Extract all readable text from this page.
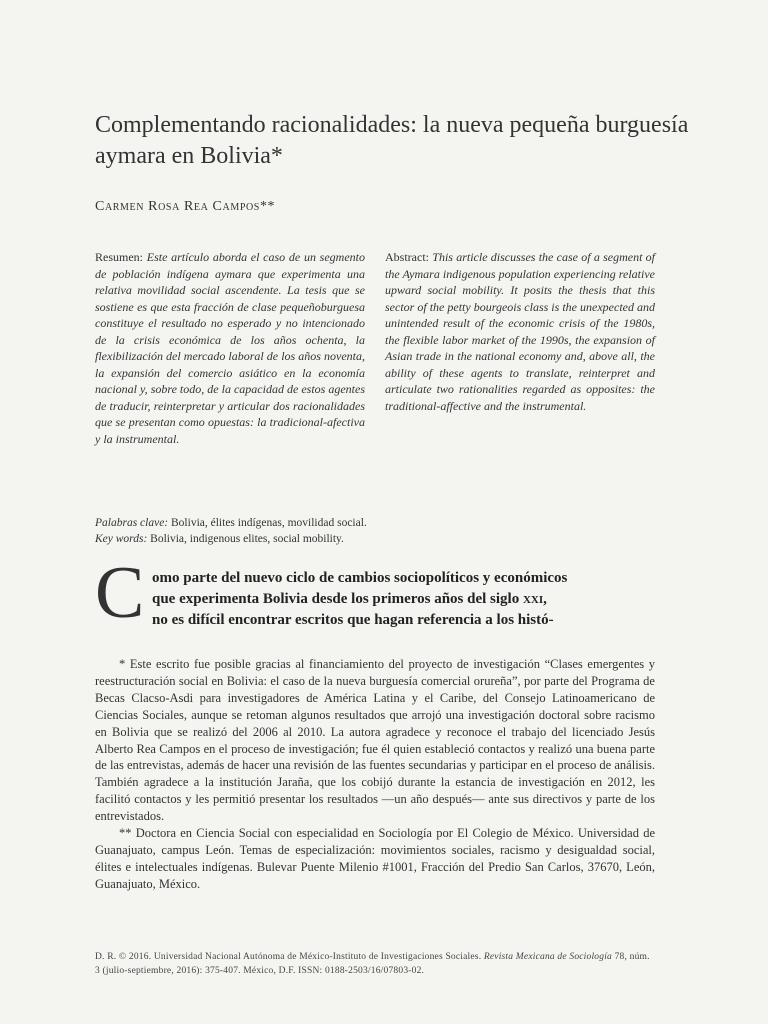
Complementando racionalidades: la nueva pequeña burguesía aymara en Bolivia*
Carmen Rosa Rea Campos**
Resumen: Este artículo aborda el caso de un segmento de población indígena aymara que experimenta una relativa movilidad social ascendente. La tesis que se sostiene es que esta fracción de clase pequeñoburguesa constituye el resultado no esperado y no intencionado de la crisis económica de los años ochenta, la flexibilización del mercado laboral de los años noventa, la expansión del comercio asiático en la economía nacional y, sobre todo, de la capacidad de estos agentes de traducir, reinterpretar y articular dos racionalidades que se presentan como opuestas: la tradicional-afectiva y la instrumental.
Abstract: This article discusses the case of a segment of the Aymara indigenous population experiencing relative upward social mobility. It posits the thesis that this sector of the petty bourgeois class is the unexpected and unintended result of the economic crisis of the 1980s, the flexible labor market of the 1990s, the expansion of Asian trade in the national economy and, above all, the ability of these agents to translate, reinterpret and articulate two rationalities regarded as opposites: the traditional-affective and the instrumental.
Palabras clave: Bolivia, élites indígenas, movilidad social.
Key words: Bolivia, indigenous elites, social mobility.
C omo parte del nuevo ciclo de cambios sociopolíticos y económicos
que experimenta Bolivia desde los primeros años del siglo xxi,
no es difícil encontrar escritos que hagan referencia a los histó-

* Este escrito fue posible gracias al financiamiento del proyecto de investigación “Clases emergentes y reestructuración social en Bolivia: el caso de la nueva burguesía comercial orureña”, por parte del Programa de Becas Clacso-Asdi para investigadores de América Latina y el Caribe, del Consejo Latinoamericano de Ciencias Sociales, aunque se retoman algunos resultados que arrojó una investigación doctoral sobre racismo en Bolivia que se realizó del 2006 al 2010. La autora agradece y reconoce el trabajo del licenciado Jesús Alberto Rea Campos en el proceso de investigación; fue él quien estableció contactos y realizó una buena parte de las entrevistas, además de hacer una revisión de las fuentes secundarias y participar en el proceso de análisis. También agradece a la institución Jaraña, que los cobijó durante la estancia de investigación en 2012, les facilitó contactos y les permitió presentar los resultados —un año después— ante sus directivos y parte de los entrevistados.

** Doctora en Ciencia Social con especialidad en Sociología por El Colegio de México. Universidad de Guanajuato, campus León. Temas de especialización: movimientos sociales, racismo y desigualdad social, élites e intelectuales indígenas. Bulevar Puente Milenio #1001, Fracción del Predio San Carlos, 37670, León, Guanajuato, México.

D. R. © 2016. Universidad Nacional Autónoma de México-Instituto de Investigaciones Sociales. Revista Mexicana de Sociología 78, núm. 3 (julio-septiembre, 2016): 375-407. México, D.F. ISSN: 0188-2503/16/07803-02.
